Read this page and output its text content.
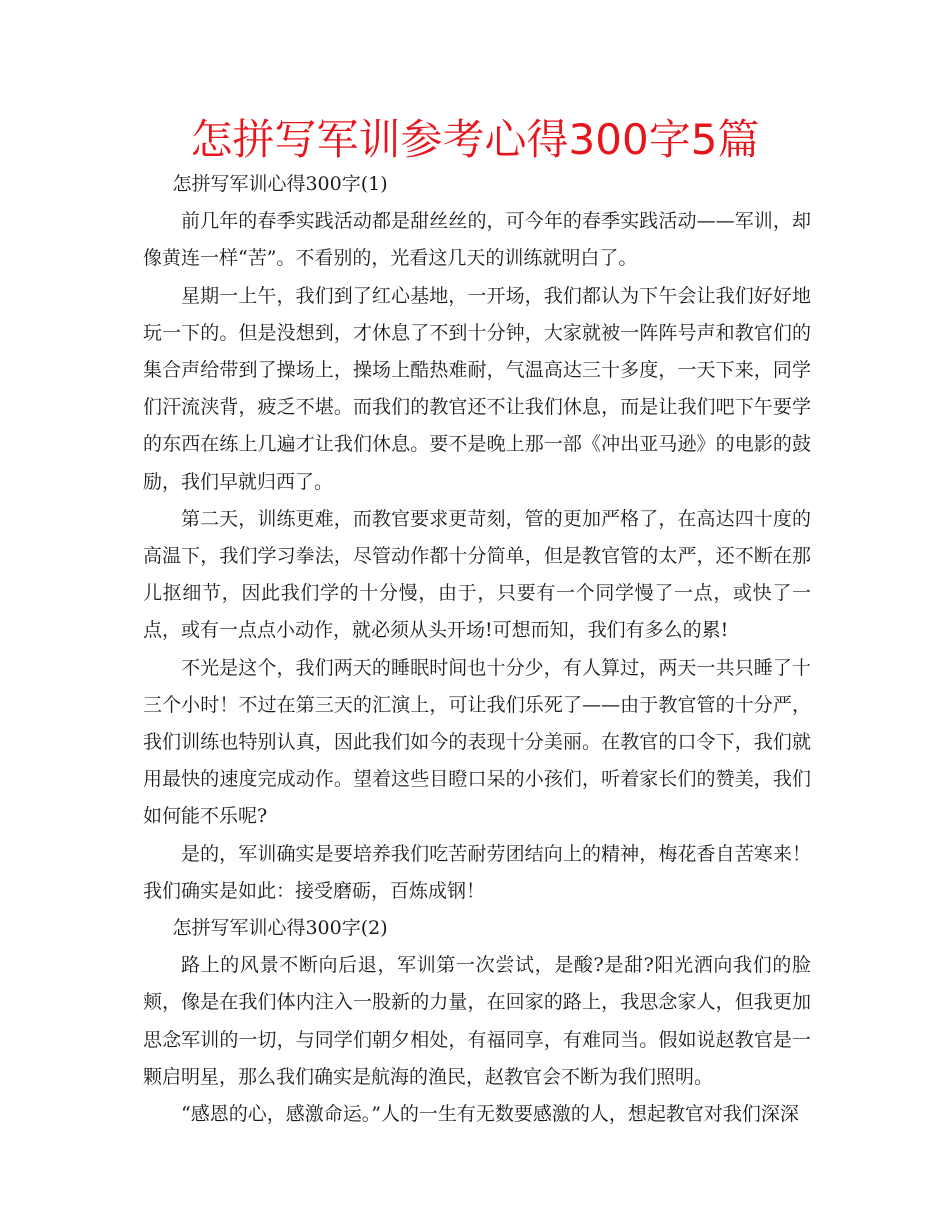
怎拼写军训参考心得300字5篇

怎拼写军训心得300字(1)

前几年的春季实践活动都是甜丝丝的，可今年的春季实践活动——军训，却像黄连一样“苦”。不看别的，光看这几天的训练就明白了。

星期一上午，我们到了红心基地，一开场，我们都认为下午会让我们好好地玩一下的。但是没想到，才休息了不到十分钟，大家就被一阵阵号声和教官们的集合声给带到了操场上，操场上酷热难耐，气温高达三十多度，一天下来，同学们汗流浃背，疲乏不堪。而我们的教官还不让我们休息，而是让我们吧下午要学的东西在练上几遍才让我们休息。要不是晚上那一部《冲出亚马逊》的电影的鼓励，我们早就归西了。

第二天，训练更难，而教官要求更苛刻，管的更加严格了，在高达四十度的高温下，我们学习拳法，尽管动作都十分简单，但是教官管的太严，还不断在那儿抠细节，因此我们学的十分慢，由于，只要有一个同学慢了一点，或快了一点，或有一点点小动作，就必须从头开场!可想而知，我们有多么的累!

不光是这个，我们两天的睡眠时间也十分少，有人算过，两天一共只睡了十三个小时！不过在第三天的汇演上，可让我们乐死了——由于教官管的十分严，我们训练也特别认真，因此我们如今的表现十分美丽。在教官的口令下，我们就用最快的速度完成动作。望着这些目瞪口呆的小孩们，听着家长们的赞美，我们如何能不乐呢?

是的，军训确实是要培养我们吃苦耐劳团结向上的精神，梅花香自苦寒来！我们确实是如此：接受磨砺，百炼成钢！

怎拼写军训心得300字(2)

路上的风景不断向后退，军训第一次尝试，是酸?是甜?阳光洒向我们的脸颊，像是在我们体内注入一股新的力量，在回家的路上，我思念家人，但我更加思念军训的一切，与同学们朝夕相处，有福同享，有难同当。假如说赵教官是一颗启明星，那么我们确实是航海的渔民，赵教官会不断为我们照明。

“感恩的心，感激命运。”人的一生有无数要感激的人，想起教官对我们深深
